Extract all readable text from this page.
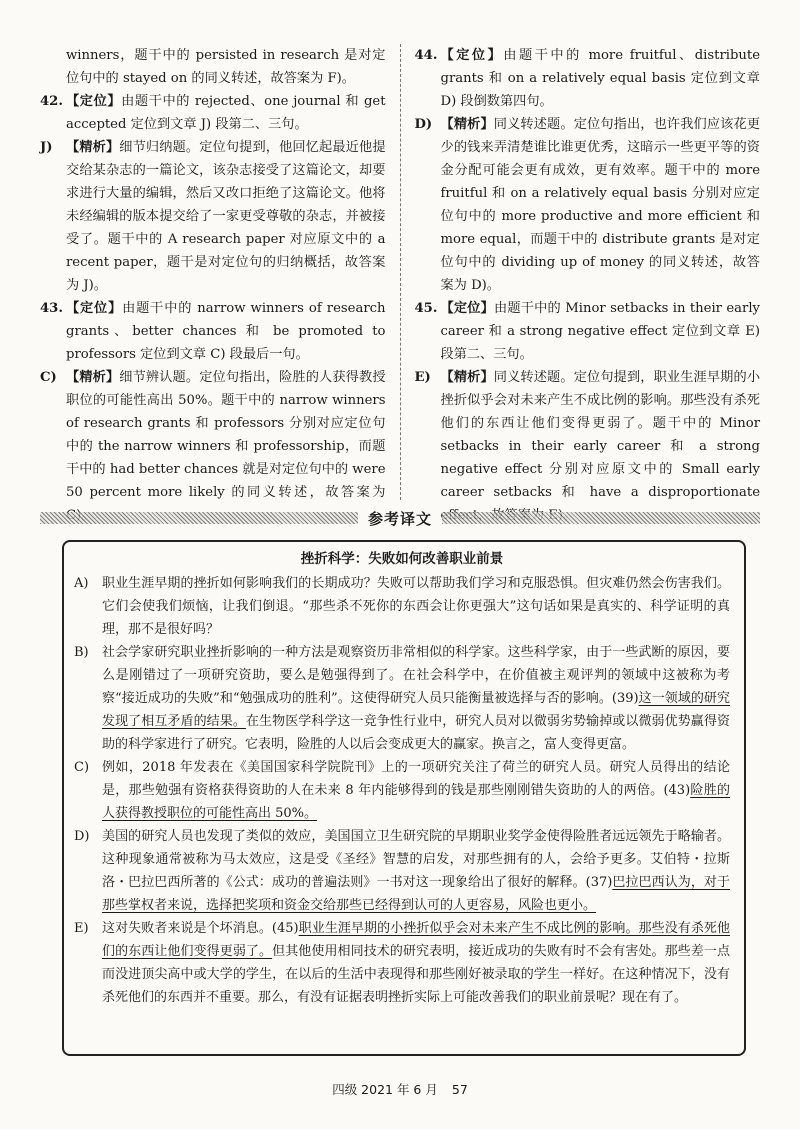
winners，题干中的 persisted in research 是对定位句中的 stayed on 的同义转述，故答案为 F)。
42. 【定位】由题干中的 rejected、one journal 和 get accepted 定位到文章 J) 段第二、三句。
J)	【精析】细节归纳题。定位句提到，他回忆起最近他提交给某杂志的一篇论文，该杂志接受了这篇论文，却要求进行大量的编辑，然后又改口拒绝了这篇论文。他将未经编辑的版本提交给了一家更受尊敬的杂志，并被接受了。题干中的 A research paper 对应原文中的 a recent paper，题干是对定位句的归纳概括，故答案为 J)。
43. 【定位】由题干中的 narrow winners of research grants、better chances 和 be promoted to professors 定位到文章 C) 段最后一句。
C) 【精析】细节辨认题。定位句指出，险胜的人获得教授职位的可能性高出 50%。题干中的 narrow winners of research grants 和 professors 分别对应定位句中的 the narrow winners 和 professorship，而题干中的 had better chances 就是对定位句中的 were 50 percent more likely 的同义转述，故答案为
44. 【定位】由题干中的 more fruitful、distribute grants 和 on a relatively equal basis 定位到文章 D) 段倒数第四句。
D) 【精析】同义转述题。定位句指出，也许我们应该花更少的钱来弄清楚谁比谁更优秀，这暗示一些更平等的资金分配可能会更有成效，更有效率。题干中的 more fruitful 和 on a relatively equal basis 分别对应定位句中的 more productive and more efficient 和 more equal，而题干中的 distribute grants 是对定位句中的 dividing up of money 的同义转述，故答案为 D)。
45. 【定位】由题干中的 Minor setbacks in their early career 和 a strong negative effect 定位到文章 E) 段第二、三句。
E) 【精析】同义转述题。定位句提到，职业生涯早期的小挫折似乎会对未来产生不成比例的影响。那些没有杀死他们的东西让他们变得更弱了。题干中的 Minor setbacks in their early career 和 a strong negative effect 分别对应原文中的 Small early career setbacks 和 have a disproportionate
参考译文
挫折科学：失败如何改善职业前景
A)	职业生涯早期的挫折如何影响我们的长期成功？失败可以帮助我们学习和克服恐惧。但灾难仍然会伤害我们。它们会使我们烦恼，让我们倒退。“那些杀不死你的东西会让你更强大”这句话如果是真实的、科学证明的真理，那不是很好吗？
B)	社会学家研究职业挫折影响的一种方法是观察资历非常相似的科学家。这些科学家，由于一些武断的原因，要么是刚错过了一项研究资助，要么是勉强得到了。在社会科学中，在价值被主观评判的领域中这被称为考察“接近成功的失败”和“勉强成功的胜利”。这使得研究人员只能衡量被选择与否的影响。(39)这一领域的研究发现了相互矛盾的结果。在生物医学科学这一竞争性行业中，研究人员对以微弱劣势输掉或以微弱优势赢得资助的科学家进行了研究。它表明，险胜的人以后会变成更大的赢家。换言之，富人变得更富。
C) 例如，2018 年发表在《美国国家科学院院刊》上的一项研究关注了荷兰的研究人员。研究人员得出的结论是，那些勉强有资格获得资助的人在未来 8 年内能够得到的钱是那些刚刚错失资助的人的两倍。(43)险胜的人获得教授职位的可能性高出 50%。
D) 美国的研究人员也发现了类似的效应，美国国立卫生研究院的早期职业奖学金使得险胜者远远领先于略输者。这种现象通常被称为马太效应，这是受《圣经》智慧的启发，对那些拥有的人，会给予更多。艾伯特・拉斯洛・巴拉巴西所著的《公式：成功的普遍法则》一书对这一现象给出了很好的解释。(37)巴拉巴西认为，对于那些掌权者来说，选择把奖项和资金交给那些已经得到认可的人更容易，风险也更小。
E)	这对失败者来说是个坏消息。(45)职业生涯早期的小挫折似乎会对未来产生不成比例的影响。那些没有杀死他们的东西让他们变得更弱了。但其他使用相同技术的研究表明，接近成功的失败有时不会有害处。那些差一点而没进顶尖高中或大学的学生，在以后的生活中表现得和那些刚好被录取的学生一样好。在这种情况下，没有杀死他们的东西并不重要。那么，有没有证据表明挫折实际上可能改善我们的职业前景呢？现在有了。
四级 2021 年 6 月 57
